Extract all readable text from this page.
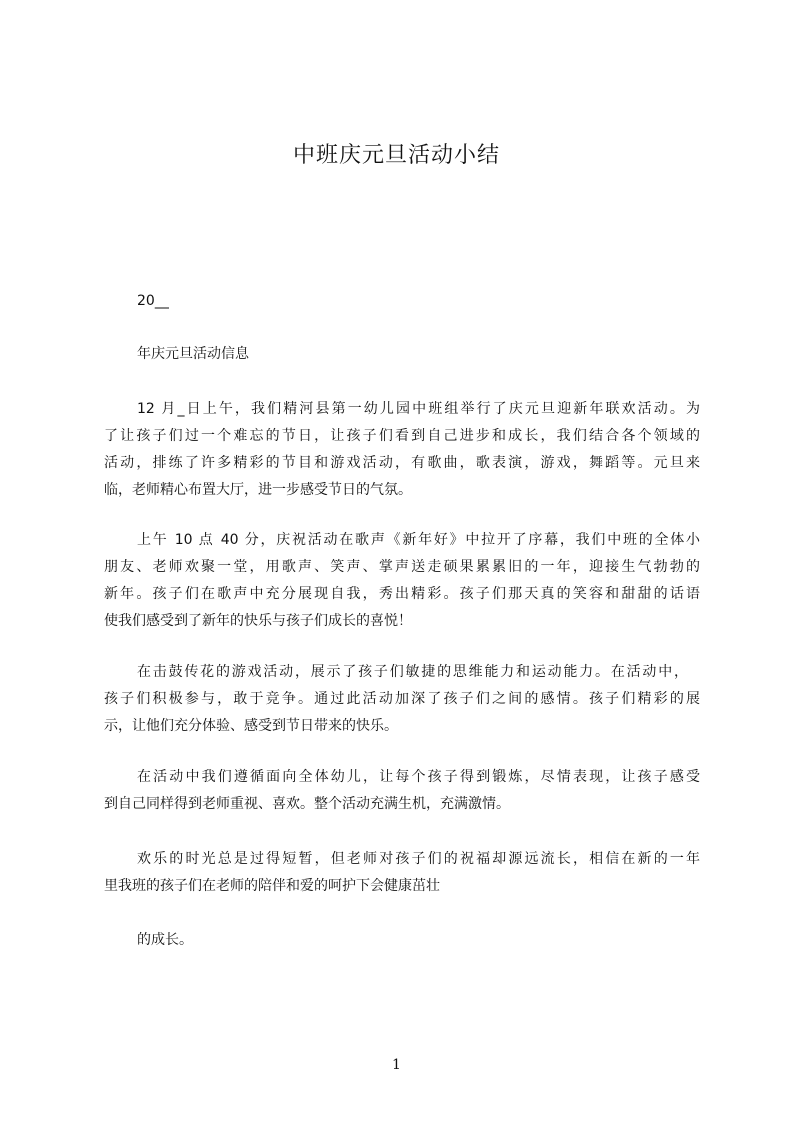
中班庆元旦活动小结
20__
年庆元旦活动信息
12 月_日上午，我们精河县第一幼儿园中班组举行了庆元旦迎新年联欢活动。为
了让孩子们过一个难忘的节日，让孩子们看到自己进步和成长，我们结合各个领域的
活动，排练了许多精彩的节目和游戏活动，有歌曲，歌表演，游戏，舞蹈等。元旦来
临，老师精心布置大厅，进一步感受节日的气氛。
上午 10 点 40 分，庆祝活动在歌声《新年好》中拉开了序幕，我们中班的全体小
朋友、老师欢聚一堂，用歌声、笑声、掌声送走硕果累累旧的一年，迎接生气勃勃的
新年。孩子们在歌声中充分展现自我，秀出精彩。孩子们那天真的笑容和甜甜的话语
使我们感受到了新年的快乐与孩子们成长的喜悦！
在击鼓传花的游戏活动，展示了孩子们敏捷的思维能力和运动能力。在活动中，
孩子们积极参与，敢于竞争。通过此活动加深了孩子们之间的感情。孩子们精彩的展
示，让他们充分体验、感受到节日带来的快乐。
在活动中我们遵循面向全体幼儿，让每个孩子得到锻炼，尽情表现，让孩子感受
到自己同样得到老师重视、喜欢。整个活动充满生机，充满激情。
欢乐的时光总是过得短暂，但老师对孩子们的祝福却源远流长，相信在新的一年
里我班的孩子们在老师的陪伴和爱的呵护下会健康茁壮
的成长。
1
